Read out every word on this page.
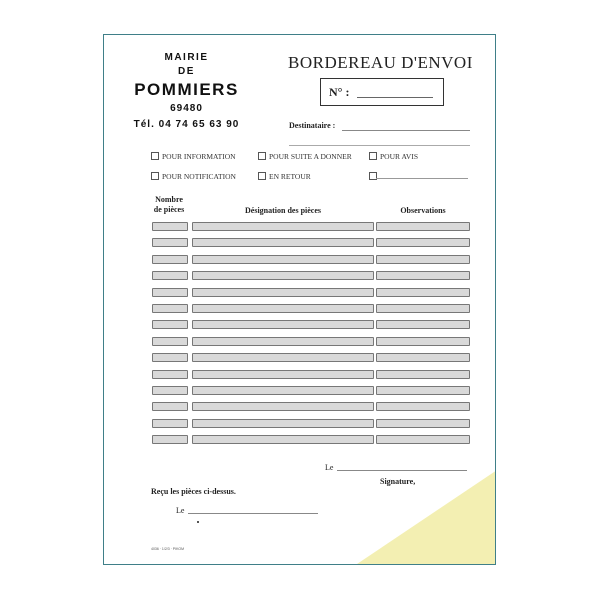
MAIRIE
DE
POMMIERS
69480
Tél. 04 74 65 63 90
BORDEREAU D'ENVOI
N° :
Destinataire :
POUR INFORMATION	POUR SUITE A DONNER	POUR AVIS
POUR NOTIFICATION	EN RETOUR
Nombre
de pièces	Désignation des pièces	Observations
Le
Signature,
Reçu les pièces ci-dessus.
Le
4036 · 1/2/3 · PIKOM
